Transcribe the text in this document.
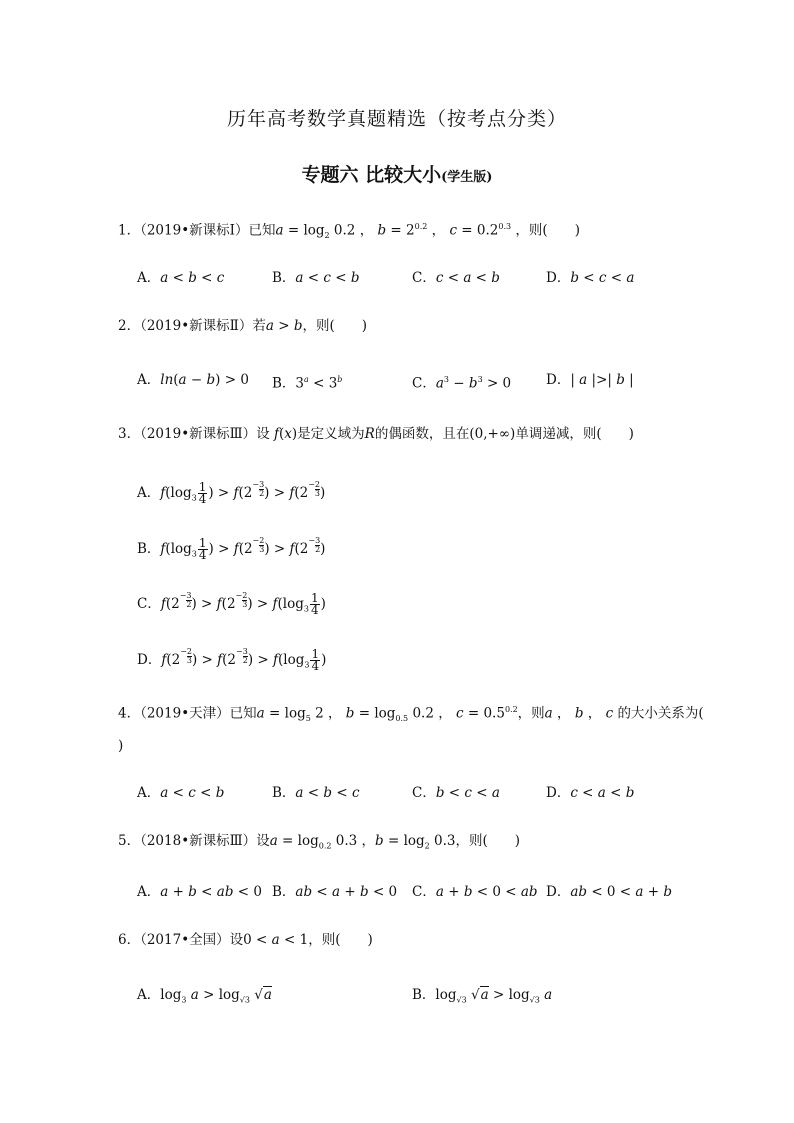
历年高考数学真题精选（按考点分类）
专题六 比较大小(学生版)
1．（2019•新课标Ⅰ）已知$a = \log_2 0.2$ ， $b = 2^{0.2}$ ， $c = 0.2^{0.3}$ ，则(　　)
A．a < b < c	B．a < c < b	C．c < a < b	D．b < c < a
2．（2019•新课标Ⅱ）若a > b，则(　　)
A．ln(a − b) > 0 B．$3^a < 3^b$	C．$a^3 - b^3 > 0$	D．| a |>| b |
3．（2019•新课标Ⅲ）设 f(x)是定义域为R的偶函数，且在(0,+∞)单调递减，则(　　)
A．$f(\log_3 \frac{1}{4}$ ) > f(2− 3
2) > f(2− 2
3)
B．$f(\log_3 \frac{1}{4}$ ) > f(2− 2
3) > f(2− 3
2)
C．f(2− 3
2) > f(2− 2
$3) > f(\log_3 \frac{1}{4}$ )
D．f(2− 2
3) > f(2− 3
$2) > f(\log_3 \frac{1}{4}$ )
4．（2019•天津）已知$a = \log_5 2$ ， $b = \log_{0.5} 0.2$ ， $c = 0.5^{0.2}$，则a ， b ， c 的大小关系为(
)
A．a < c < b	B．a < b < c	C．b < c < a	D．c < a < b
5．（2018•新课标Ⅲ）设$a = \log_{0.2} 0.3$ ，$b = \log_2 0.3$，则(　　)
A．a + b < ab < 0 B．ab < a + b < 0 C．a + b < 0 < ab D．ab < 0 < a + b
6．（2017•全国）设0 < a < 1，则(　　)
A．$\log_3 a > \log_{√3} √a$	B．$\log_{√3} √a > \log_{√3} a$
